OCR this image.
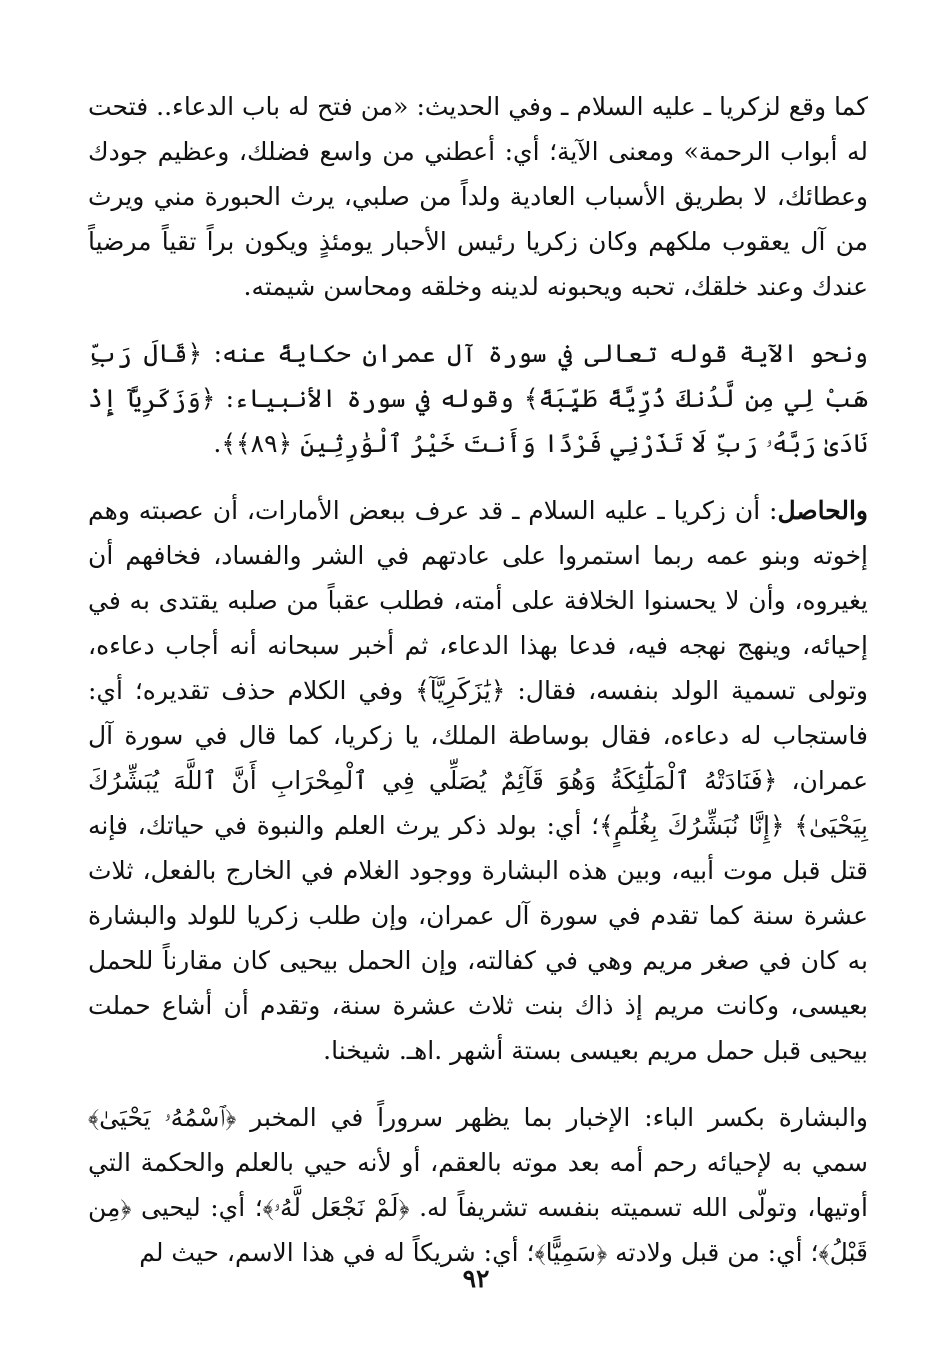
كما وقع لزكريا ـ عليه السلام ـ وفي الحديث: «من فتح له باب الدعاء.. فتحت له أبواب الرحمة» ومعنى الآية؛ أي: أعطني من واسع فضلك، وعظيم جودك وعطائك، لا بطريق الأسباب العادية ولداً من صلبي، يرث الحبورة مني ويرث من آل يعقوب ملكهم وكان زكريا رئيس الأحبار يومئذٍ ويكون براً تقياً مرضياً عندك وعند خلقك، تحبه ويحبونه لدينه وخلقه ومحاسن شيمته.

ونحو الآية قوله تعالى في سورة آل عمران حكايةً عنه: ﴿قَالَ رَبِّ هَبْ لِي مِن لَّدُنكَ ذُرِّيَّةً طَيِّبَةً﴾ وقوله في سورة الأنبياء: ﴿وَزَكَرِيَّآ إِذْ نَادَىٰ رَبَّهُۥ رَبِّ لَا تَذَرْنِي فَرْدًا وَأَنتَ خَيْرُ ٱلْوَٰرِثِينَ ﴿٨٩﴾﴾.

والحاصل: أن زكريا ـ عليه السلام ـ قد عرف ببعض الأمارات، أن عصبته وهم إخوته وبنو عمه ربما استمروا على عادتهم في الشر والفساد، فخافهم أن يغيروه، وأن لا يحسنوا الخلافة على أمته، فطلب عقباً من صلبه يقتدى به في إحيائه، وينهج نهجه فيه، فدعا بهذا الدعاء، ثم أخبر سبحانه أنه أجاب دعاءه، وتولى تسمية الولد بنفسه، فقال: ﴿يَٰزَكَرِيَّآ﴾ وفي الكلام حذف تقديره؛ أي: فاستجاب له دعاءه، فقال بوساطة الملك، يا زكريا، كما قال في سورة آل عمران، ﴿فَنَادَتْهُ ٱلْمَلَٰٓئِكَةُ وَهُوَ قَآئِمٌ يُصَلِّي فِي ٱلْمِحْرَابِ أَنَّ ٱللَّهَ يُبَشِّرُكَ بِيَحْيَىٰ﴾ ﴿إِنَّا نُبَشِّرُكَ بِغُلَٰمٍ﴾؛ أي: بولد ذكر يرث العلم والنبوة في حياتك، فإنه قتل قبل موت أبيه، وبين هذه البشارة ووجود الغلام في الخارج بالفعل، ثلاث عشرة سنة كما تقدم في سورة آل عمران، وإن طلب زكريا للولد والبشارة به كان في صغر مريم وهي في كفالته، وإن الحمل بيحيى كان مقارناً للحمل بعيسى، وكانت مريم إذ ذاك بنت ثلاث عشرة سنة، وتقدم أن أشاع حملت بيحيى قبل حمل مريم بعيسى بستة أشهر .اهـ. شيخنا.

والبشارة بكسر الباء: الإخبار بما يظهر سروراً في المخبر ﴿ٱسْمُهُۥ يَحْيَىٰ﴾ سمي به لإحيائه رحم أمه بعد موته بالعقم، أو لأنه حيي بالعلم والحكمة التي أوتيها، وتولّى الله تسميته بنفسه تشريفاً له. ﴿لَمْ نَجْعَل لَّهُۥ﴾؛ أي: ليحيى ﴿مِن قَبْلُ﴾؛ أي: من قبل ولادته ﴿سَمِيًّا﴾؛ أي: شريكاً له في هذا الاسم، حيث لم

٩٢
